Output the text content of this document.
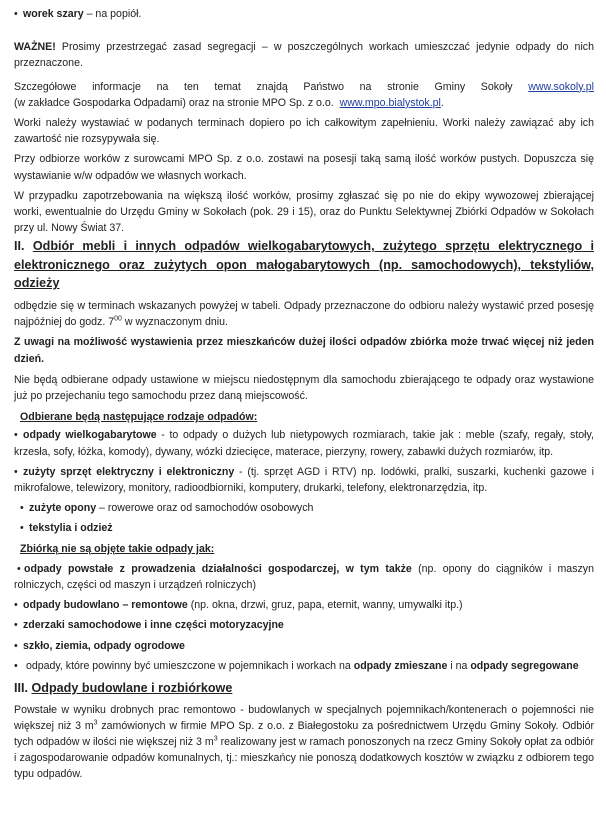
• worek szary – na popiół.

WAŻNE! Prosimy przestrzegać zasad segregacji – w poszczególnych workach umieszczać jedynie odpady do nich przeznaczone.

Szczegółowe informacje na ten temat znajdą Państwo na stronie Gminy Sokoły www.sokoly.pl

(w zakładce Gospodarka Odpadami) oraz na stronie MPO Sp. z o.o. www.mpo.bialystok.pl.

Worki należy wystawiać w podanych terminach dopiero po ich całkowitym zapełnieniu. Worki należy zawiązać aby ich zawartość nie rozsypywała się.

Przy odbiorze worków z surowcami MPO Sp. z o.o. zostawi na posesji taką samą ilość worków pustych. Dopuszcza się wystawianie w/w odpadów we własnych workach.

W przypadku zapotrzebowania na większą ilość worków, prosimy zgłaszać się po nie do ekipy wywozowej zbierającej worki, ewentualnie do Urzędu Gminy w Sokołach (pok. 29 i 15), oraz do Punktu Selektywnej Zbiórki Odpadów w Sokołach przy ul. Nowy Świat 37.

II. Odbiór mebli i innych odpadów wielkogabarytowych, zużytego sprzętu elektrycznego i elektronicznego oraz zużytych opon małogabarytowych (np. samochodowych), tekstyliów, odzieży

odbędzie się w terminach wskazanych powyżej w tabeli. Odpady przeznaczone do odbioru należy wystawić przed posesję najpóźniej do godz. $7^{00}$ w wyznaczonym dniu.

Z uwagi na możliwość wystawienia przez mieszkańców dużej ilości odpadów zbiórka może trwać więcej niż jeden dzień.

Nie będą odbierane odpady ustawione w miejscu niedostępnym dla samochodu zbierającego te odpady oraz wystawione już po przejechaniu tego samochodu przez daną miejscowość.

Odbierane będą następujące rodzaje odpadów:

• odpady wielkogabarytowe - to odpady o dużych lub nietypowych rozmiarach, takie jak : meble (szafy, regały, stoły, krzesła, sofy, łóżka, komody), dywany, wózki dziecięce, materace, pierzyny, rowery, zabawki dużych rozmiarów, itp.

• zużyty sprzęt elektryczny i elektroniczny - (tj. sprzęt AGD i RTV) np. lodówki, pralki, suszarki, kuchenki gazowe i mikrofalowe, telewizory, monitory, radioodbiorniki, komputery, drukarki, telefony, elektronarzędzia, itp.

• zużyte opony – rowerowe oraz od samochodów osobowych

• tekstylia i odzież

Zbiórką nie są objęte takie odpady jak:

• odpady powstałe z prowadzenia działalności gospodarczej, w tym także (np. opony do ciągników i maszyn rolniczych, części od maszyn i urządzeń rolniczych)

• odpady budowlano – remontowe (np. okna, drzwi, gruz, papa, eternit, wanny, umywalki itp.)

• zderzaki samochodowe i inne części motoryzacyjne

• szkło, ziemia, odpady ogrodowe

• odpady, które powinny być umieszczone w pojemnikach i workach na odpady zmieszane i na odpady segregowane

III. Odpady budowlane i rozbiórkowe

Powstałe w wyniku drobnych prac remontowo - budowlanych w specjalnych pojemnikach/kontenerach o pojemności nie większej niż 3 $m^3$ zamówionych w firmie MPO Sp. z o.o. z Białegostoku za pośrednictwem Urzędu Gminy Sokoły. Odbiór tych odpadów w ilości nie większej niż 3 $m^3$ realizowany jest w ramach ponoszonych na rzecz Gminy Sokoły opłat za odbiór i zagospodarowanie odpadów komunalnych, tj.: mieszkańcy nie ponoszą dodatkowych kosztów w związku z odbiorem tego typu odpadów.
